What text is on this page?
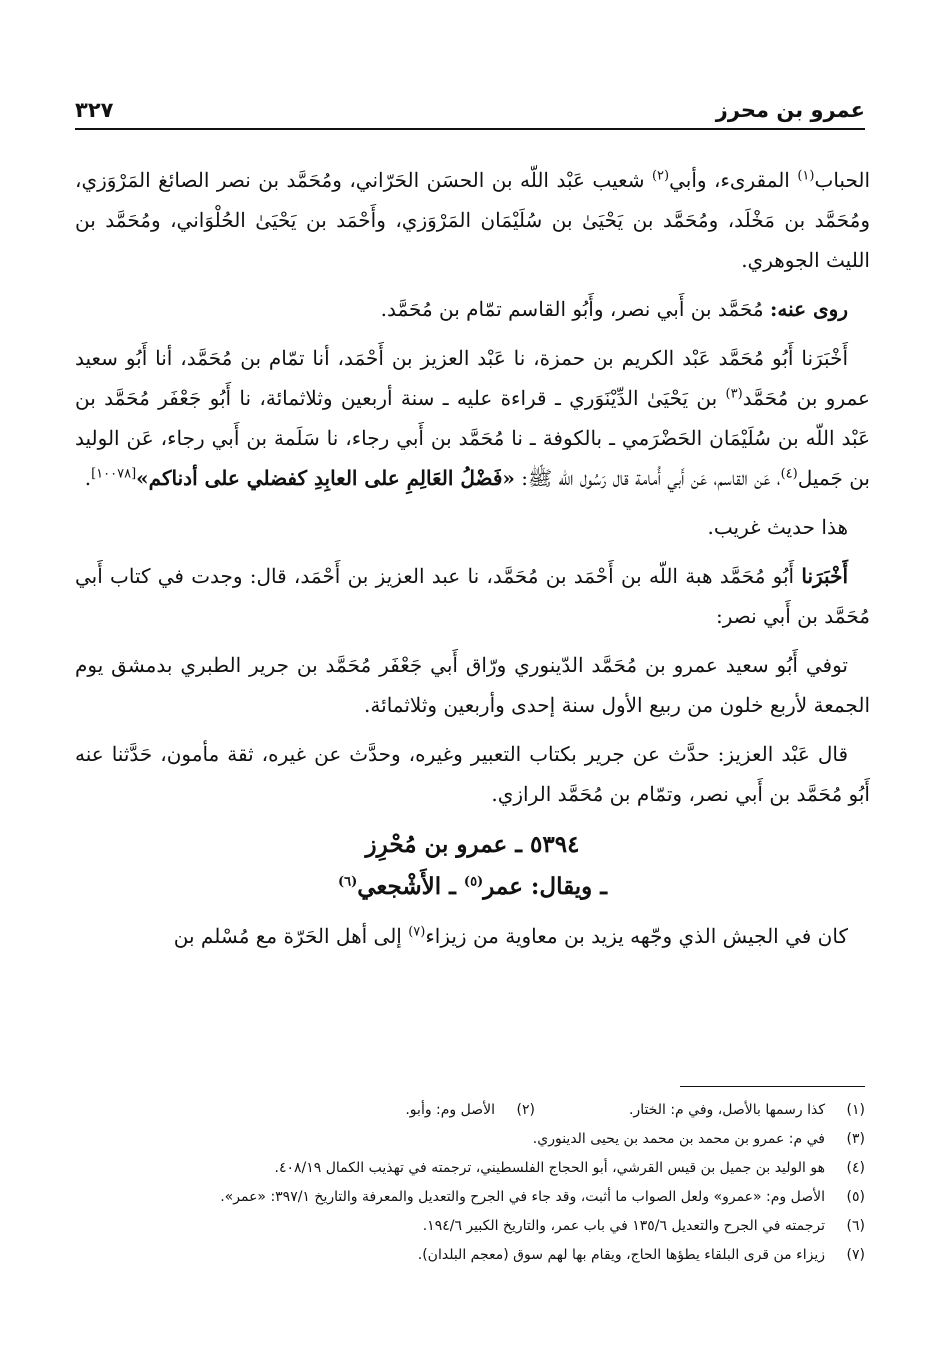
عمرو بن محرز
٣٢٧

الحباب$^{(١)}$ المقرىء، وأبي$^{(٢)}$ شعيب عَبْد اللّه بن الحسَن الحَرّاني، ومُحَمَّد بن نصر الصائغ المَرْوَزي، ومُحَمَّد بن مَخْلَد، ومُحَمَّد بن يَحْيَىٰ بن سُلَيْمَان المَرْوَزي، وأَحْمَد بن يَحْيَىٰ الحُلْوَاني، ومُحَمَّد بن الليث الجوهري.

روى عنه: مُحَمَّد بن أَبي نصر، وأَبُو القاسم تمّام بن مُحَمَّد.

أَخْبَرَنا أَبُو مُحَمَّد عَبْد الكريم بن حمزة، نا عَبْد العزيز بن أَحْمَد، أنا تمّام بن مُحَمَّد، أنا أَبُو سعيد عمرو بن مُحَمَّد$^{(٣)}$ بن يَحْيَىٰ الدِّيْنَوَري ـ قراءة عليه ـ سنة أربعين وثلاثمائة، نا أَبُو جَعْفَر مُحَمَّد بن عَبْد اللّه بن سُلَيْمَان الحَضْرَمي ـ بالكوفة ـ نا مُحَمَّد بن أَبي رجاء، نا سَلَمة بن أَبي رجاء، عَن الوليد بن جَميل$^{(٤)}$، عَن القاسم، عَن أَبي أُمامة قال رَسُول اللّه ﷺ: «فَضْلُ العَالِمِ على العابِدِ كفضلي على أدناكم»[١٠٠٧٨].

هذا حديث غريب.

أَخْبَرَنا أَبُو مُحَمَّد هبة اللّه بن أَحْمَد بن مُحَمَّد، نا عبد العزيز بن أَحْمَد، قال: وجدت في كتاب أَبي مُحَمَّد بن أَبي نصر:

توفي أَبُو سعيد عمرو بن مُحَمَّد الدّينوري ورّاق أَبي جَعْفَر مُحَمَّد بن جرير الطبري بدمشق يوم الجمعة لأربع خلون من ربيع الأول سنة إحدى وأربعين وثلاثمائة.

قال عَبْد العزيز: حدَّث عن جرير بكتاب التعبير وغيره، وحدَّث عن غيره، ثقة مأمون، حَدَّثنا عنه أَبُو مُحَمَّد بن أَبي نصر، وتمّام بن مُحَمَّد الرازي.

٥٣٩٤ ـ عمرو بن مُحْرِز
ـ ويقال: عمر$^{(٥)}$ ـ الأَشْجعي$^{(٦)}$

كان في الجيش الذي وجّهه يزيد بن معاوية من زيزاء$^{(٧)}$ إلى أهل الحَرّة مع مُسْلم بن

(١)
كذا رسمها بالأصل، وفي م: الختار.
(٢)
الأصل وم: وأبو.
(٣)
في م: عمرو بن محمد بن محمد بن يحيى الدينوري.
(٤)
هو الوليد بن جميل بن قيس القرشي، أبو الحجاج الفلسطيني، ترجمته في تهذيب الكمال ٤٠٨/١٩.
(٥)
الأصل وم: «عمرو» ولعل الصواب ما أثبت، وقد جاء في الجرح والتعديل والمعرفة والتاريخ ٣٩٧/١: «عمر».
(٦)
ترجمته في الجرح والتعديل ١٣٥/٦ في باب عمر، والتاريخ الكبير ١٩٤/٦.
(٧)
زيزاء من قرى البلقاء يطؤها الحاج، ويقام بها لهم سوق (معجم البلدان).
